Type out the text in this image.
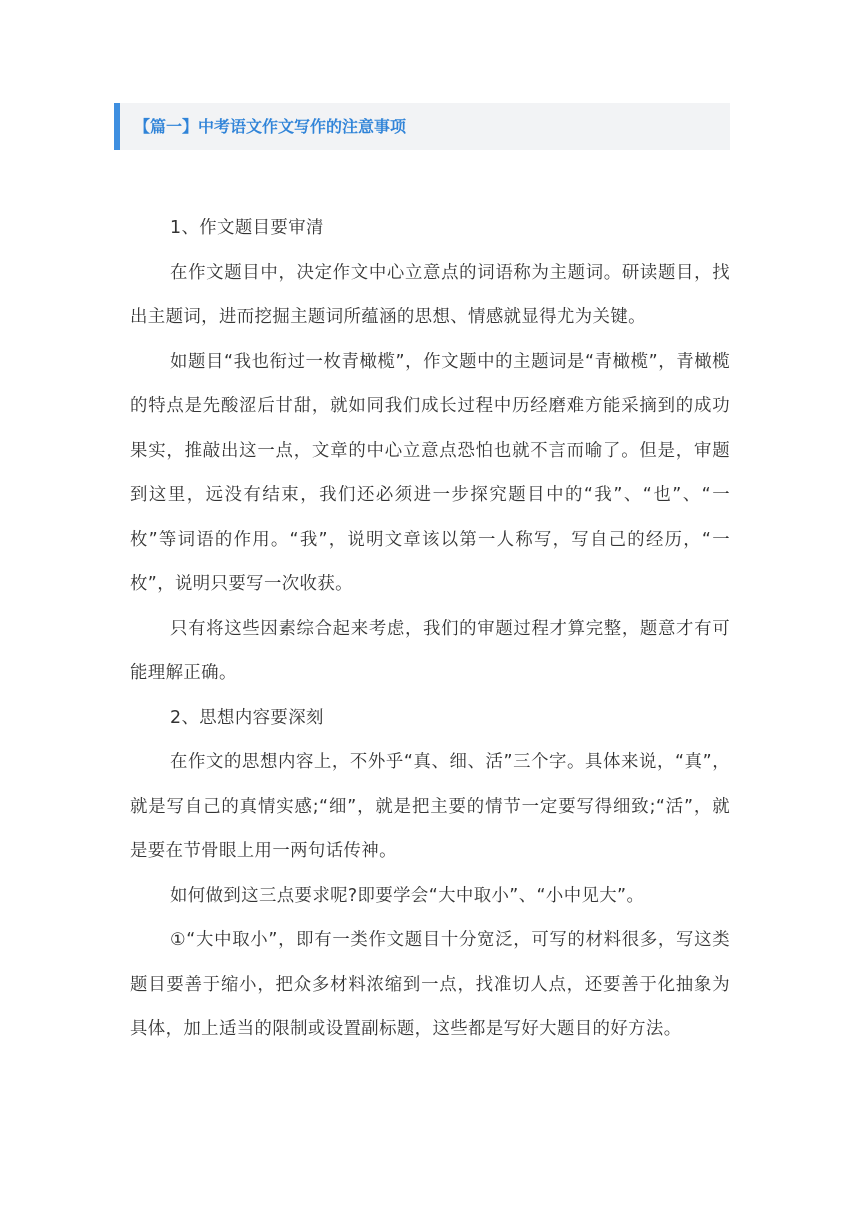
【篇一】中考语文作文写作的注意事项

1、作文题目要审清

在作文题目中，决定作文中心立意点的词语称为主题词。研读题目，找出主题词，进而挖掘主题词所蕴涵的思想、情感就显得尤为关键。

如题目“我也衔过一枚青橄榄”，作文题中的主题词是“青橄榄”，青橄榄的特点是先酸涩后甘甜，就如同我们成长过程中历经磨难方能采摘到的成功果实，推敲出这一点，文章的中心立意点恐怕也就不言而喻了。但是，审题到这里，远没有结束，我们还必须进一步探究题目中的“我”、“也”、“一枚”等词语的作用。“我”，说明文章该以第一人称写，写自己的经历，“一枚”，说明只要写一次收获。

只有将这些因素综合起来考虑，我们的审题过程才算完整，题意才有可能理解正确。

2、思想内容要深刻

在作文的思想内容上，不外乎“真、细、活”三个字。具体来说，“真”，就是写自己的真情实感;“细”，就是把主要的情节一定要写得细致;“活”，就是要在节骨眼上用一两句话传神。

如何做到这三点要求呢?即要学会“大中取小”、“小中见大”。

①“大中取小”，即有一类作文题目十分宽泛，可写的材料很多，写这类题目要善于缩小，把众多材料浓缩到一点，找准切人点，还要善于化抽象为具体，加上适当的限制或设置副标题，这些都是写好大题目的好方法。
